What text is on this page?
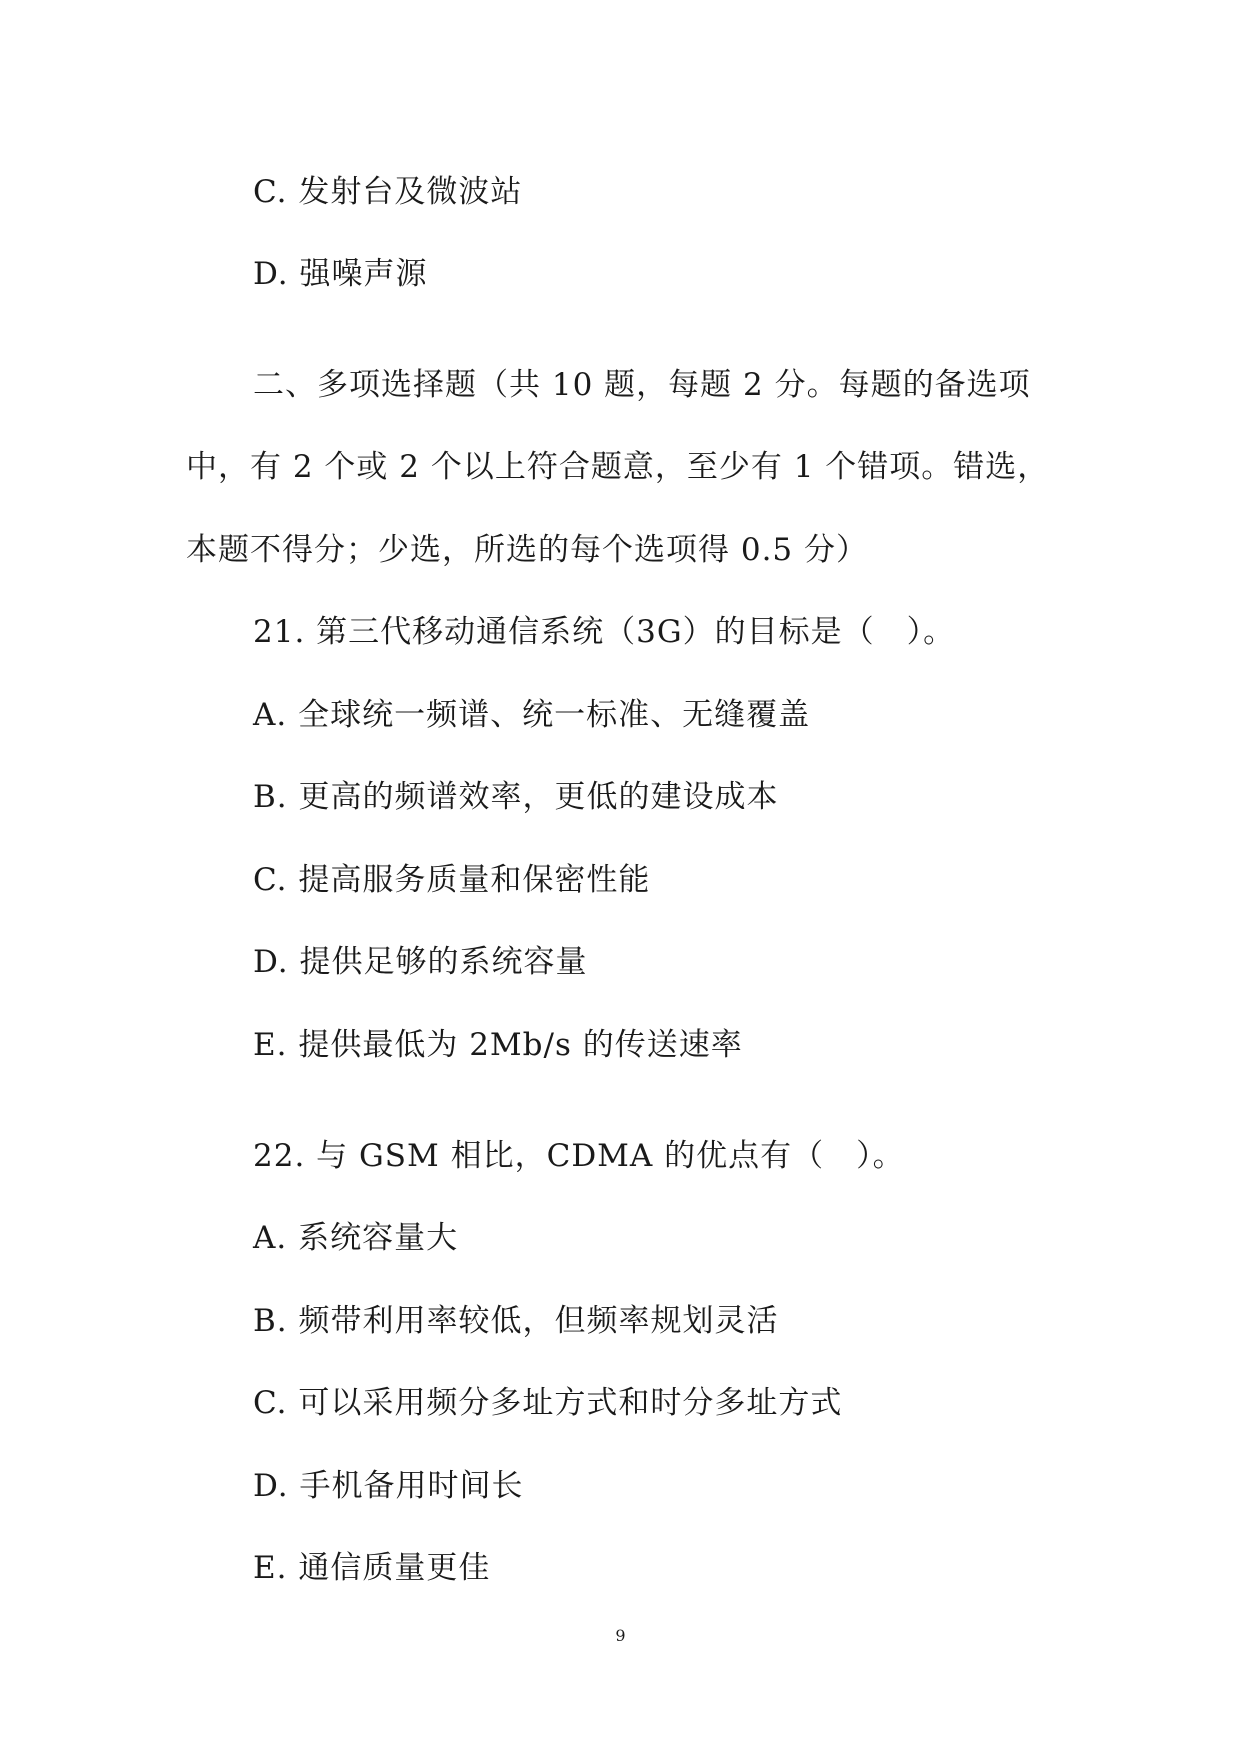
C. 发射台及微波站
D. 强噪声源
二、多项选择题（共 10 题，每题 2 分。每题的备选项
中，有 2 个或 2 个以上符合题意，至少有 1 个错项。错选，
本题不得分；少选，所选的每个选项得 0.5 分）
21. 第三代移动通信系统（3G）的目标是（　）。
A. 全球统一频谱、统一标准、无缝覆盖
B. 更高的频谱效率，更低的建设成本
C. 提高服务质量和保密性能
D. 提供足够的系统容量
E. 提供最低为 2Mb/s 的传送速率
22. 与 GSM 相比，CDMA 的优点有（　）。
A. 系统容量大
B. 频带利用率较低，但频率规划灵活
C. 可以采用频分多址方式和时分多址方式
D. 手机备用时间长
E. 通信质量更佳
9
